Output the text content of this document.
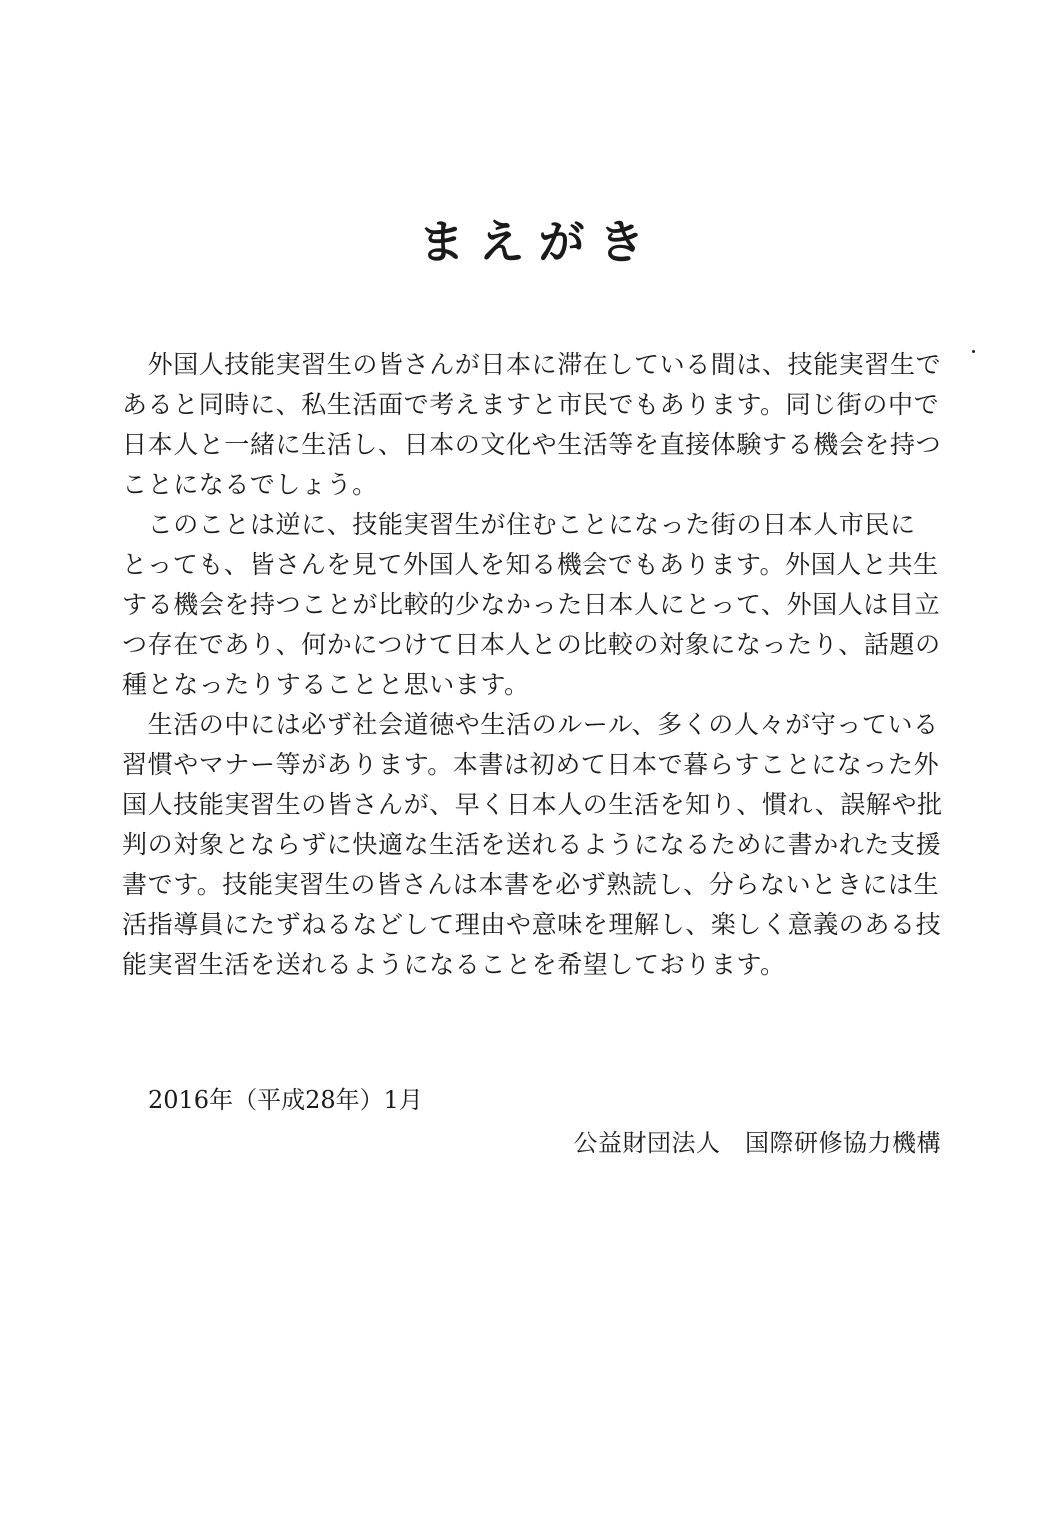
まえがき
　外国人技能実習生の皆さんが日本に滞在している間は、技能実習生で
あると同時に、私生活面で考えますと市民でもあります。同じ街の中で
日本人と一緒に生活し、日本の文化や生活等を直接体験する機会を持つ
ことになるでしょう。
　このことは逆に、技能実習生が住むことになった街の日本人市民に
とっても、皆さんを見て外国人を知る機会でもあります。外国人と共生
する機会を持つことが比較的少なかった日本人にとって、外国人は目立
つ存在であり、何かにつけて日本人との比較の対象になったり、話題の
種となったりすることと思います。
　生活の中には必ず社会道徳や生活のルール、多くの人々が守っている
習慣やマナー等があります。本書は初めて日本で暮らすことになった外
国人技能実習生の皆さんが、早く日本人の生活を知り、慣れ、誤解や批
判の対象とならずに快適な生活を送れるようになるために書かれた支援
書です。技能実習生の皆さんは本書を必ず熟読し、分らないときには生
活指導員にたずねるなどして理由や意味を理解し、楽しく意義のある技
能実習生活を送れるようになることを希望しております。
2016年（平成28年）1月
公益財団法人　国際研修協力機構
